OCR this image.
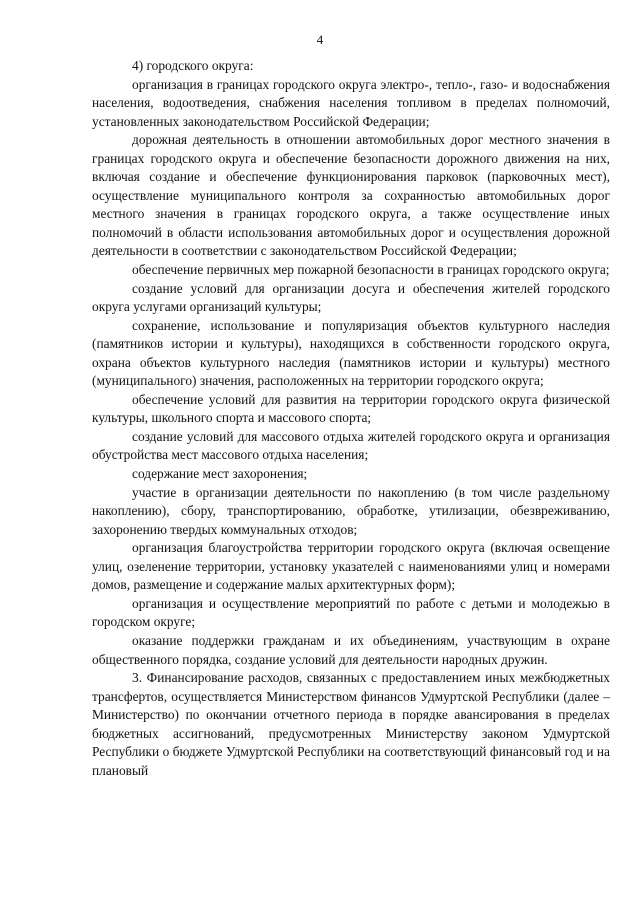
4

4) городского округа:

организация в границах городского округа электро-, тепло-, газо- и водоснабжения населения, водоотведения, снабжения населения топливом в пределах полномочий, установленных законодательством Российской Федерации;

дорожная деятельность в отношении автомобильных дорог местного значения в границах городского округа и обеспечение безопасности дорожного движения на них, включая создание и обеспечение функционирования парковок (парковочных мест), осуществление муниципального контроля за сохранностью автомобильных дорог местного значения в границах городского округа, а также осуществление иных полномочий в области использования автомобильных дорог и осуществления дорожной деятельности в соответствии с законодательством Российской Федерации;

обеспечение первичных мер пожарной безопасности в границах городского округа;

создание условий для организации досуга и обеспечения жителей городского округа услугами организаций культуры;

сохранение, использование и популяризация объектов культурного наследия (памятников истории и культуры), находящихся в собственности городского округа, охрана объектов культурного наследия (памятников истории и культуры) местного (муниципального) значения, расположенных на территории городского округа;

обеспечение условий для развития на территории городского округа физической культуры, школьного спорта и массового спорта;

создание условий для массового отдыха жителей городского округа и организация обустройства мест массового отдыха населения;

содержание мест захоронения;

участие в организации деятельности по накоплению (в том числе раздельному накоплению), сбору, транспортированию, обработке, утилизации, обезвреживанию, захоронению твердых коммунальных отходов;

организация благоустройства территории городского округа (включая освещение улиц, озеленение территории, установку указателей с наименованиями улиц и номерами домов, размещение и содержание малых архитектурных форм);

организация и осуществление мероприятий по работе с детьми и молодежью в городском округе;

оказание поддержки гражданам и их объединениям, участвующим в охране общественного порядка, создание условий для деятельности народных дружин.

3. Финансирование расходов, связанных с предоставлением иных межбюджетных трансфертов, осуществляется Министерством финансов Удмуртской Республики (далее – Министерство) по окончании отчетного периода в порядке авансирования в пределах бюджетных ассигнований, предусмотренных Министерству законом Удмуртской Республики о бюджете Удмуртской Республики на соответствующий финансовый год и на плановый
